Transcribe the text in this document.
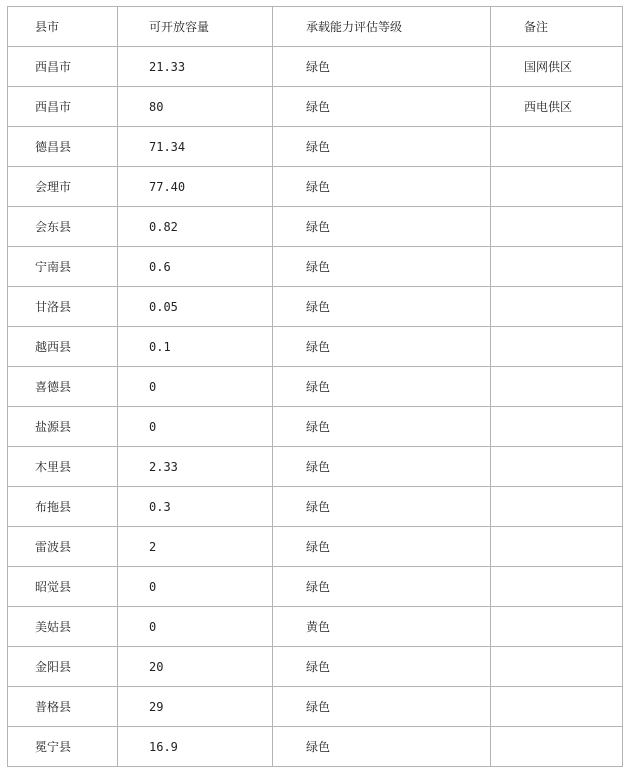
县市	可开放容量	承载能力评估等级	备注
西昌市	21.33	绿色	国网供区
西昌市	80	绿色	西电供区
德昌县	71.34	绿色	
会理市	77.40	绿色	
会东县	0.82	绿色	
宁南县	0.6	绿色	
甘洛县	0.05	绿色	
越西县	0.1	绿色	
喜德县	0	绿色	
盐源县	0	绿色	
木里县	2.33	绿色	
布拖县	0.3	绿色	
雷波县	2	绿色	
昭觉县	0	绿色	
美姑县	0	黄色	
金阳县	20	绿色	
普格县	29	绿色	
冕宁县	16.9	绿色	
